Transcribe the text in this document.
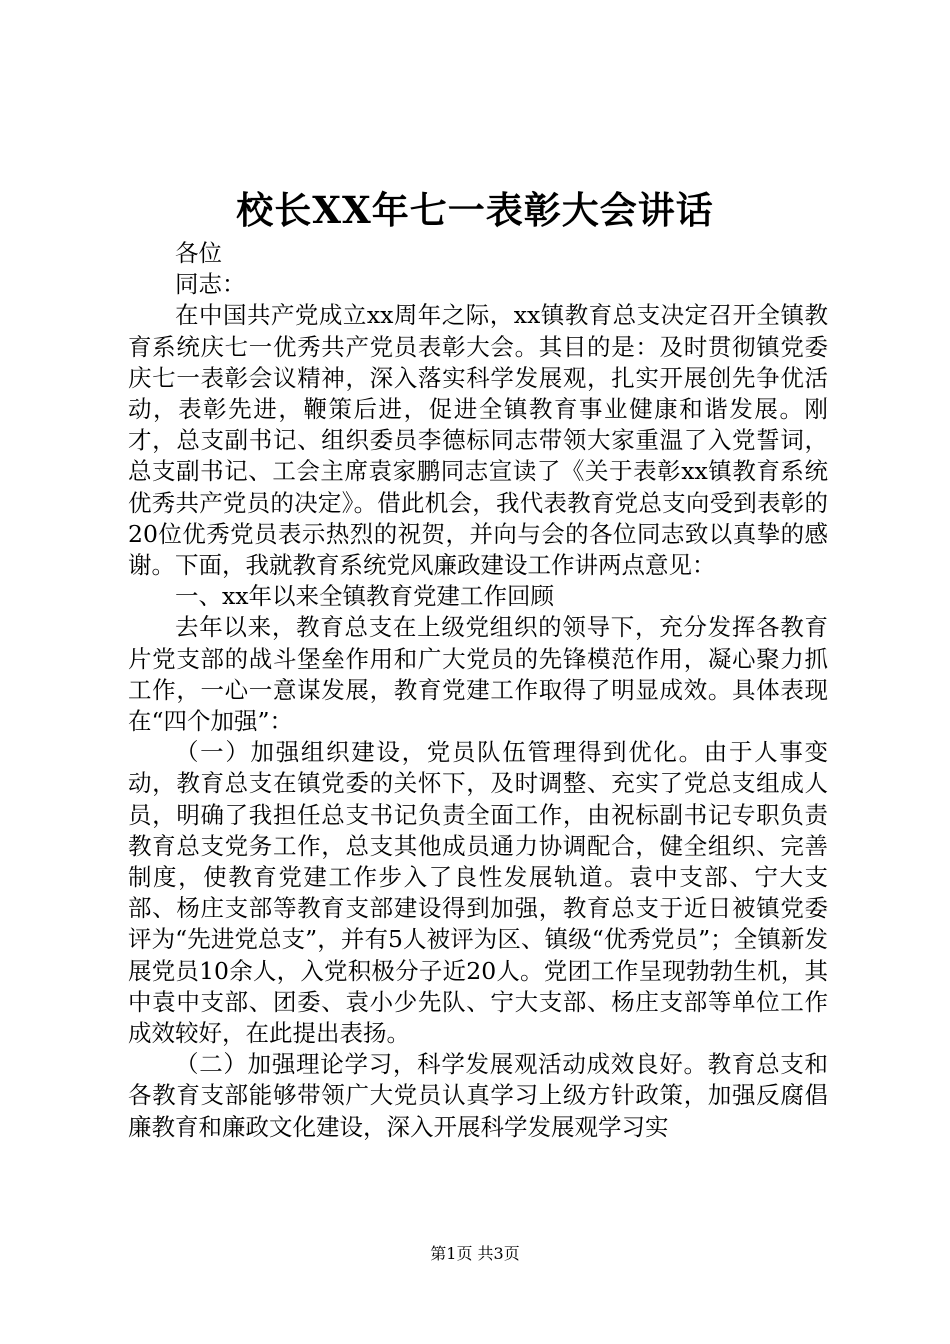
校长XX年七一表彰大会讲话

各位

同志：

在中国共产党成立xx周年之际，xx镇教育总支决定召开全镇教育系统庆七一优秀共产党员表彰大会。其目的是：及时贯彻镇党委庆七一表彰会议精神，深入落实科学发展观，扎实开展创先争优活动，表彰先进，鞭策后进，促进全镇教育事业健康和谐发展。刚才，总支副书记、组织委员李德标同志带领大家重温了入党誓词，总支副书记、工会主席袁家鹏同志宣读了《关于表彰xx镇教育系统优秀共产党员的决定》。借此机会，我代表教育党总支向受到表彰的20位优秀党员表示热烈的祝贺，并向与会的各位同志致以真挚的感谢。下面，我就教育系统党风廉政建设工作讲两点意见：

一、xx年以来全镇教育党建工作回顾

去年以来，教育总支在上级党组织的领导下，充分发挥各教育片党支部的战斗堡垒作用和广大党员的先锋模范作用，凝心聚力抓工作，一心一意谋发展，教育党建工作取得了明显成效。具体表现在“四个加强”：

（一）加强组织建设，党员队伍管理得到优化。由于人事变动，教育总支在镇党委的关怀下，及时调整、充实了党总支组成人员，明确了我担任总支书记负责全面工作，由祝标副书记专职负责教育总支党务工作，总支其他成员通力协调配合，健全组织、完善制度，使教育党建工作步入了良性发展轨道。袁中支部、宁大支部、杨庄支部等教育支部建设得到加强，教育总支于近日被镇党委评为“先进党总支”，并有5人被评为区、镇级“优秀党员”；全镇新发展党员10余人，入党积极分子近20人。党团工作呈现勃勃生机，其中袁中支部、团委、袁小少先队、宁大支部、杨庄支部等单位工作成效较好，在此提出表扬。

（二）加强理论学习，科学发展观活动成效良好。教育总支和各教育支部能够带领广大党员认真学习上级方针政策，加强反腐倡廉教育和廉政文化建设，深入开展科学发展观学习实

第1页 共3页
